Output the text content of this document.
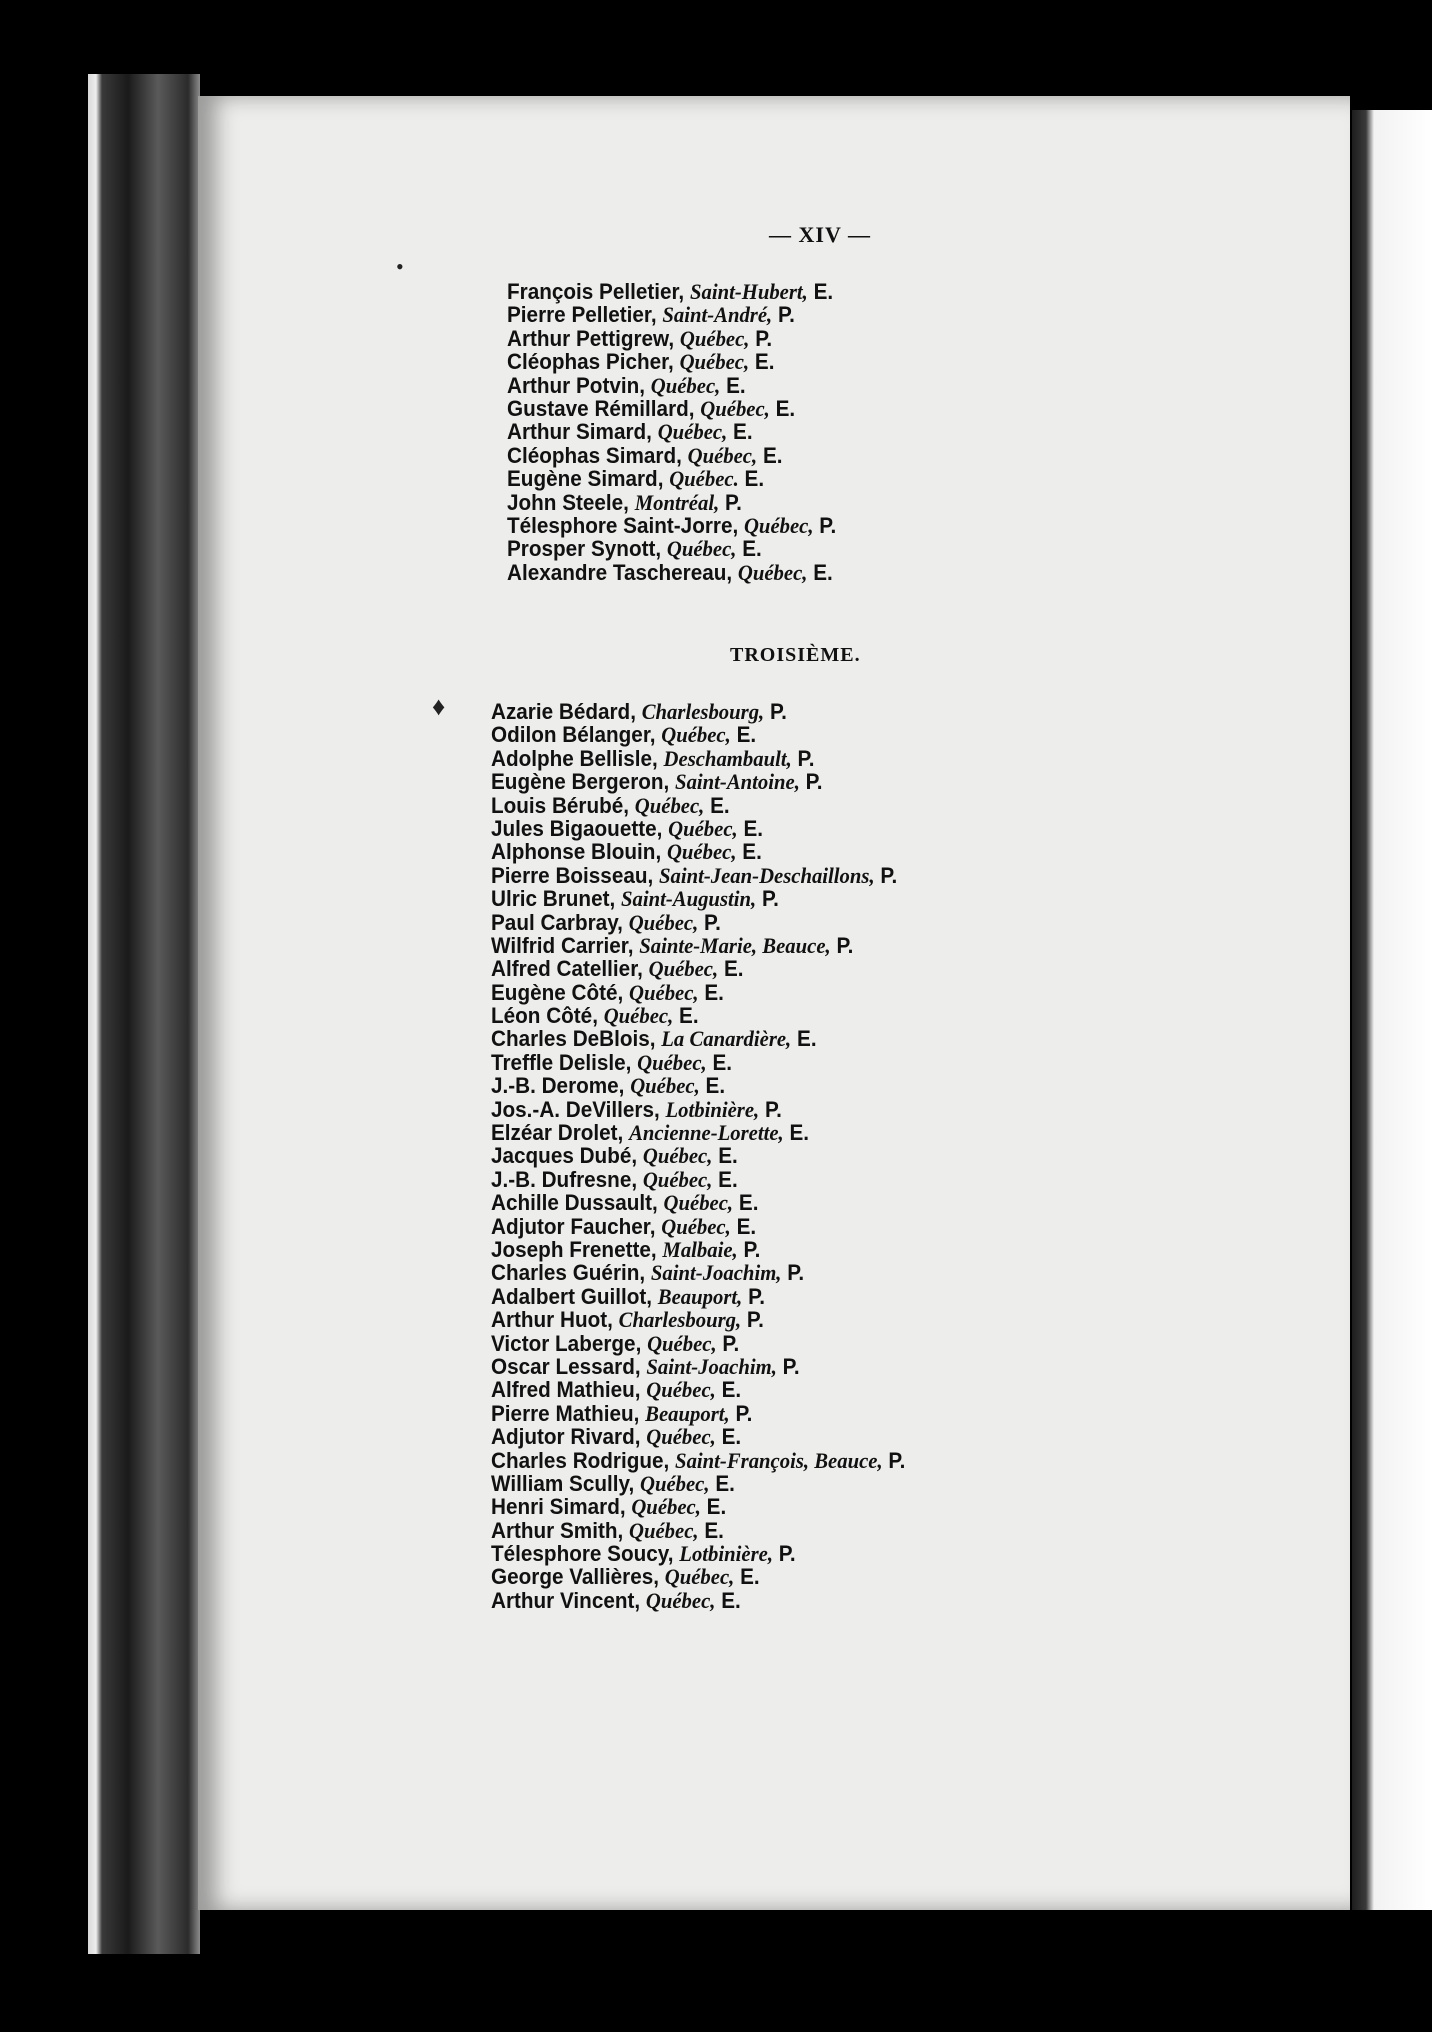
— XIV —
François Pelletier, Saint-Hubert, E.
Pierre Pelletier, Saint-André, P.
Arthur Pettigrew, Québec, P.
Cléophas Picher, Québec, E.
Arthur Potvin, Québec, E.
Gustave Rémillard, Québec, E.
Arthur Simard, Québec, E.
Cléophas Simard, Québec, E.
Eugène Simard, Québec. E.
John Steele, Montréal, P.
Télesphore Saint-Jorre, Québec, P.
Prosper Synott, Québec, E.
Alexandre Taschereau, Québec, E.
TROISIÈME.
Azarie Bédard, Charlesbourg, P.
Odilon Bélanger, Québec, E.
Adolphe Bellisle, Deschambault, P.
Eugène Bergeron, Saint-Antoine, P.
Louis Bérubé, Québec, E.
Jules Bigaouette, Québec, E.
Alphonse Blouin, Québec, E.
Pierre Boisseau, Saint-Jean-Deschaillons, P.
Ulric Brunet, Saint-Augustin, P.
Paul Carbray, Québec, P.
Wilfrid Carrier, Sainte-Marie, Beauce, P.
Alfred Catellier, Québec, E.
Eugène Côté, Québec, E.
Léon Côté, Québec, E.
Charles DeBlois, La Canardière, E.
Treffle Delisle, Québec, E.
J.-B. Derome, Québec, E.
Jos.-A. DeVillers, Lotbinière, P.
Elzéar Drolet, Ancienne-Lorette, E.
Jacques Dubé, Québec, E.
J.-B. Dufresne, Québec, E.
Achille Dussault, Québec, E.
Adjutor Faucher, Québec, E.
Joseph Frenette, Malbaie, P.
Charles Guérin, Saint-Joachim, P.
Adalbert Guillot, Beauport, P.
Arthur Huot, Charlesbourg, P.
Victor Laberge, Québec, P.
Oscar Lessard, Saint-Joachim, P.
Alfred Mathieu, Québec, E.
Pierre Mathieu, Beauport, P.
Adjutor Rivard, Québec, E.
Charles Rodrigue, Saint-François, Beauce, P.
William Scully, Québec, E.
Henri Simard, Québec, E.
Arthur Smith, Québec, E.
Télesphore Soucy, Lotbinière, P.
George Vallières, Québec, E.
Arthur Vincent, Québec, E.
•
♦
